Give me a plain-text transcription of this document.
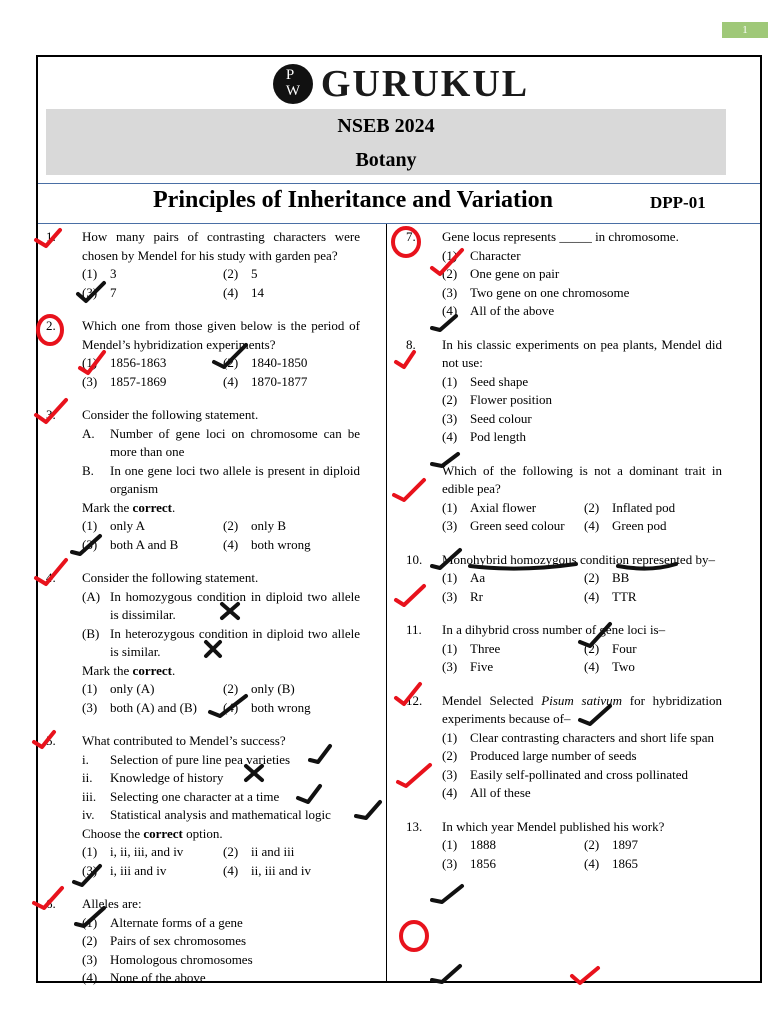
1
P
W GURUKUL
NSEB 2024
Botany
Principles of Inheritance and Variation	DPP-01
1.	How many pairs of contrasting characters were chosen by Mendel for his study with garden pea?
(1) 3	(2) 5
(3) 7	(4) 14
2.	Which one from those given below is the period of Mendel’s hybridization experiments?
(1) 1856-1863	(2) 1840-1850
(3) 1857-1869	(4) 1870-1877
3.	Consider the following statement.
A.	Number of gene loci on chromosome can be more than one
B.	In one gene loci two allele is present in diploid organism
Mark the correct.
(1) only A	(2) only B
(3) both A and B	(4) both wrong
4.	Consider the following statement.
(A) In homozygous condition in diploid two allele is dissimilar.
(B) In heterozygous condition in diploid two allele is similar.
Mark the correct.
(1) only (A)	(2) only (B)
(3) both (A) and (B) (4) both wrong
5.	What contributed to Mendel’s success?
i.	Selection of pure line pea varieties
ii.	Knowledge of history
iii.	Selecting one character at a time
iv.	Statistical analysis and mathematical logic
Choose the correct option.
(1) i, ii, iii, and iv	(2) ii and iii
(3) i, iii and iv	(4) ii, iii and iv
6.	Alleles are:
(1) Alternate forms of a gene
(2) Pairs of sex chromosomes
(3) Homologous chromosomes
(4) None of the above
7.	Gene locus represents _____ in chromosome.
(1) Character
(2) One gene on pair
(3) Two gene on one chromosome
(4) All of the above
8.	In his classic experiments on pea plants, Mendel did not use:
(1) Seed shape
(2) Flower position
(3) Seed colour
(4) Pod length
Which of the following is not a dominant trait in edible pea?
(1) Axial flower	(2) Inflated pod
(3) Green seed colour (4) Green pod
10.	Monohybrid homozygous condition represented by–
(1) Aa	(2) BB
(3) Rr	(4) TTR
11.	In a dihybrid cross number of gene loci is–
(1) Three	(2) Four
(3) Five	(4) Two
12.	Mendel Selected Pisum sativum for hybridization experiments because of–
(1) Clear contrasting characters and short life span
(2) Produced large number of seeds
(3) Easily self-pollinated and cross pollinated
(4) All of these
13.	In which year Mendel published his work?
(1) 1888	(2) 1897
(3) 1856	(4) 1865
